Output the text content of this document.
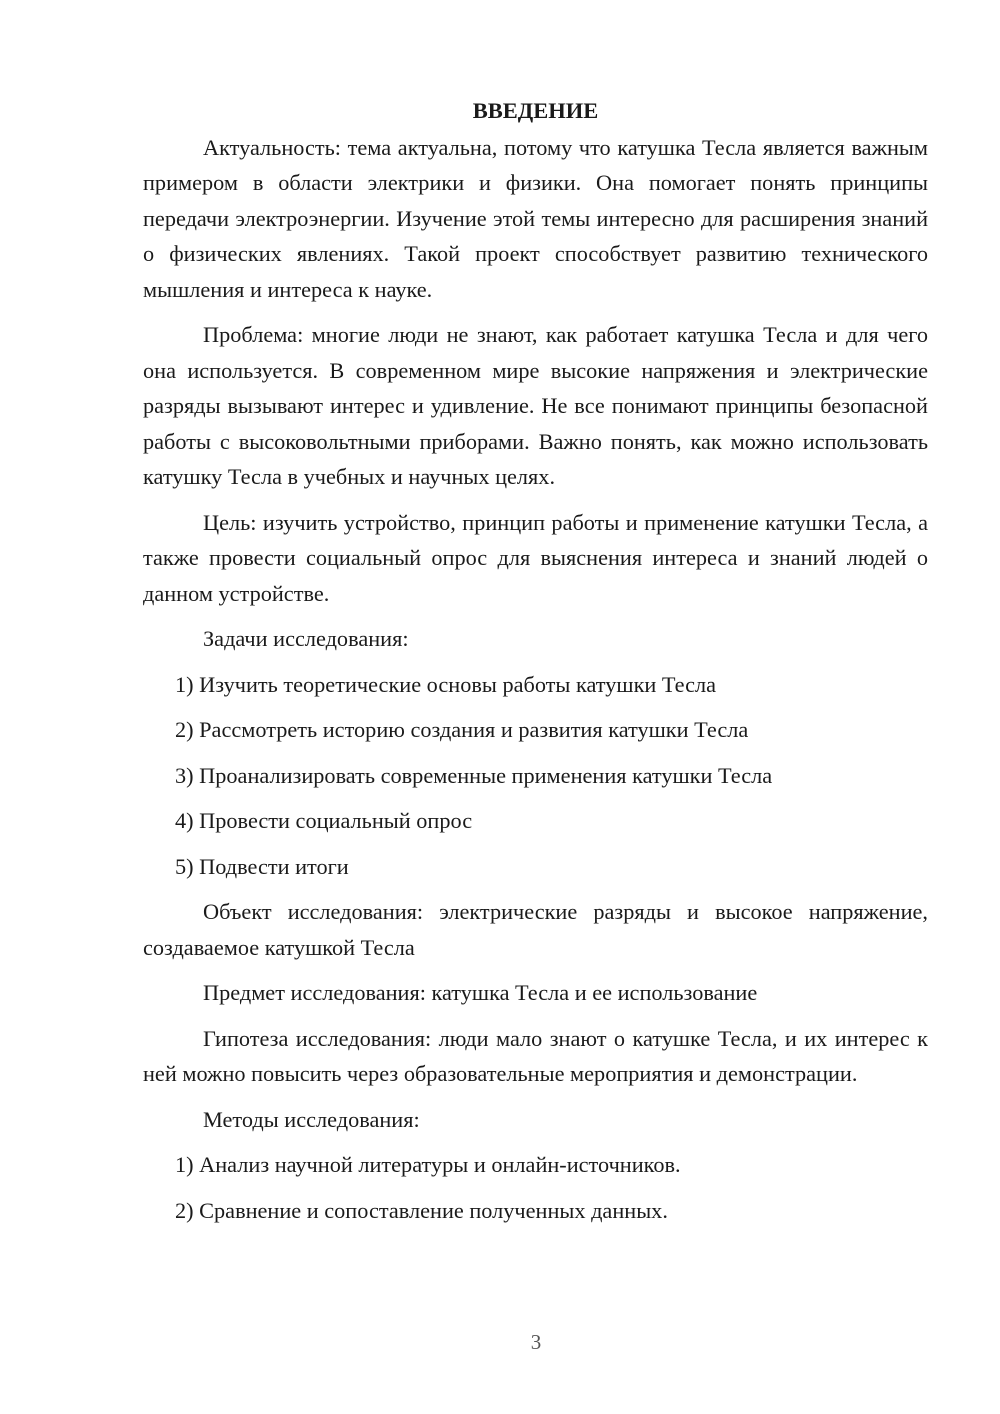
ВВЕДЕНИЕ

Актуальность: тема актуальна, потому что катушка Тесла является важным примером в области электрики и физики. Она помогает понять принципы передачи электроэнергии. Изучение этой темы интересно для расширения знаний о физических явлениях. Такой проект способствует развитию технического мышления и интереса к науке.

Проблема: многие люди не знают, как работает катушка Тесла и для чего она используется. В современном мире высокие напряжения и электрические разряды вызывают интерес и удивление. Не все понимают принципы безопасной работы с высоковольтными приборами. Важно понять, как можно использовать катушку Тесла в учебных и научных целях.

Цель: изучить устройство, принцип работы и применение катушки Тесла, а также провести социальный опрос для выяснения интереса и знаний людей о данном устройстве.

Задачи исследования:

1) Изучить теоретические основы работы катушки Тесла

2) Рассмотреть историю создания и развития катушки Тесла

3) Проанализировать современные применения катушки Тесла

4) Провести социальный опрос

5) Подвести итоги

Объект исследования: электрические разряды и высокое напряжение, создаваемое катушкой Тесла

Предмет исследования: катушка Тесла и ее использование

Гипотеза исследования: люди мало знают о катушке Тесла, и их интерес к ней можно повысить через образовательные мероприятия и демонстрации.

Методы исследования:

1) Анализ научной литературы и онлайн-источников.

2) Сравнение и сопоставление полученных данных.

3
